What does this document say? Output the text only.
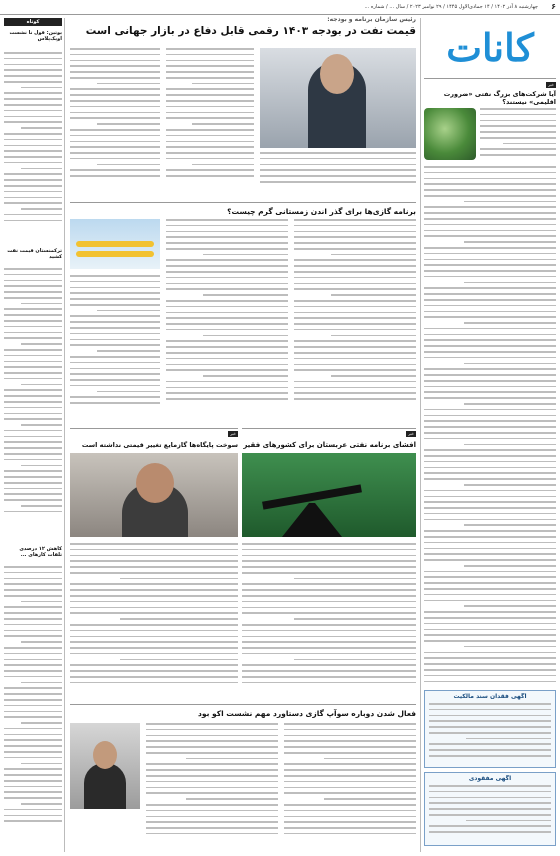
۶
چهارشنبه ۸ آذر ۱۴۰۲ / ۱۴ جمادی‌الاول ۱۴۴۵ / ۲۹ نوامبر ۲۰۲۳ / سال ... / شماره ...
کانات
خبر
آیا شرکت‌های بزرگ نفتی «ضرورت اقلیمی» نیستند؟
آگهی فقدان سند مالکیت
آگهی مفقودی
رئیس سازمان برنامه و بودجه:
قیمت نفت در بودجه ۱۴۰۳ رقمی قابل دفاع در بازار جهانی است
برنامه گازی‌ها برای گذر اندن زمستانی گرم چیست؟
خبر
افشای برنامه نفتی عربستان برای کشورهای فقیر
خبر
سوخت پایگاه‌ها گازمایع تغییر قیمتی نداشته است
فعال شدن دوباره سوآپ گازی دستاورد مهم نشست اکو بود
کوتاه
پوتین: قول نا نشست اوپک‌پلاس
ترکمنستان قیمت نفت کشید
کاهش ۱۲ درصدی تلفات کارهای ...
